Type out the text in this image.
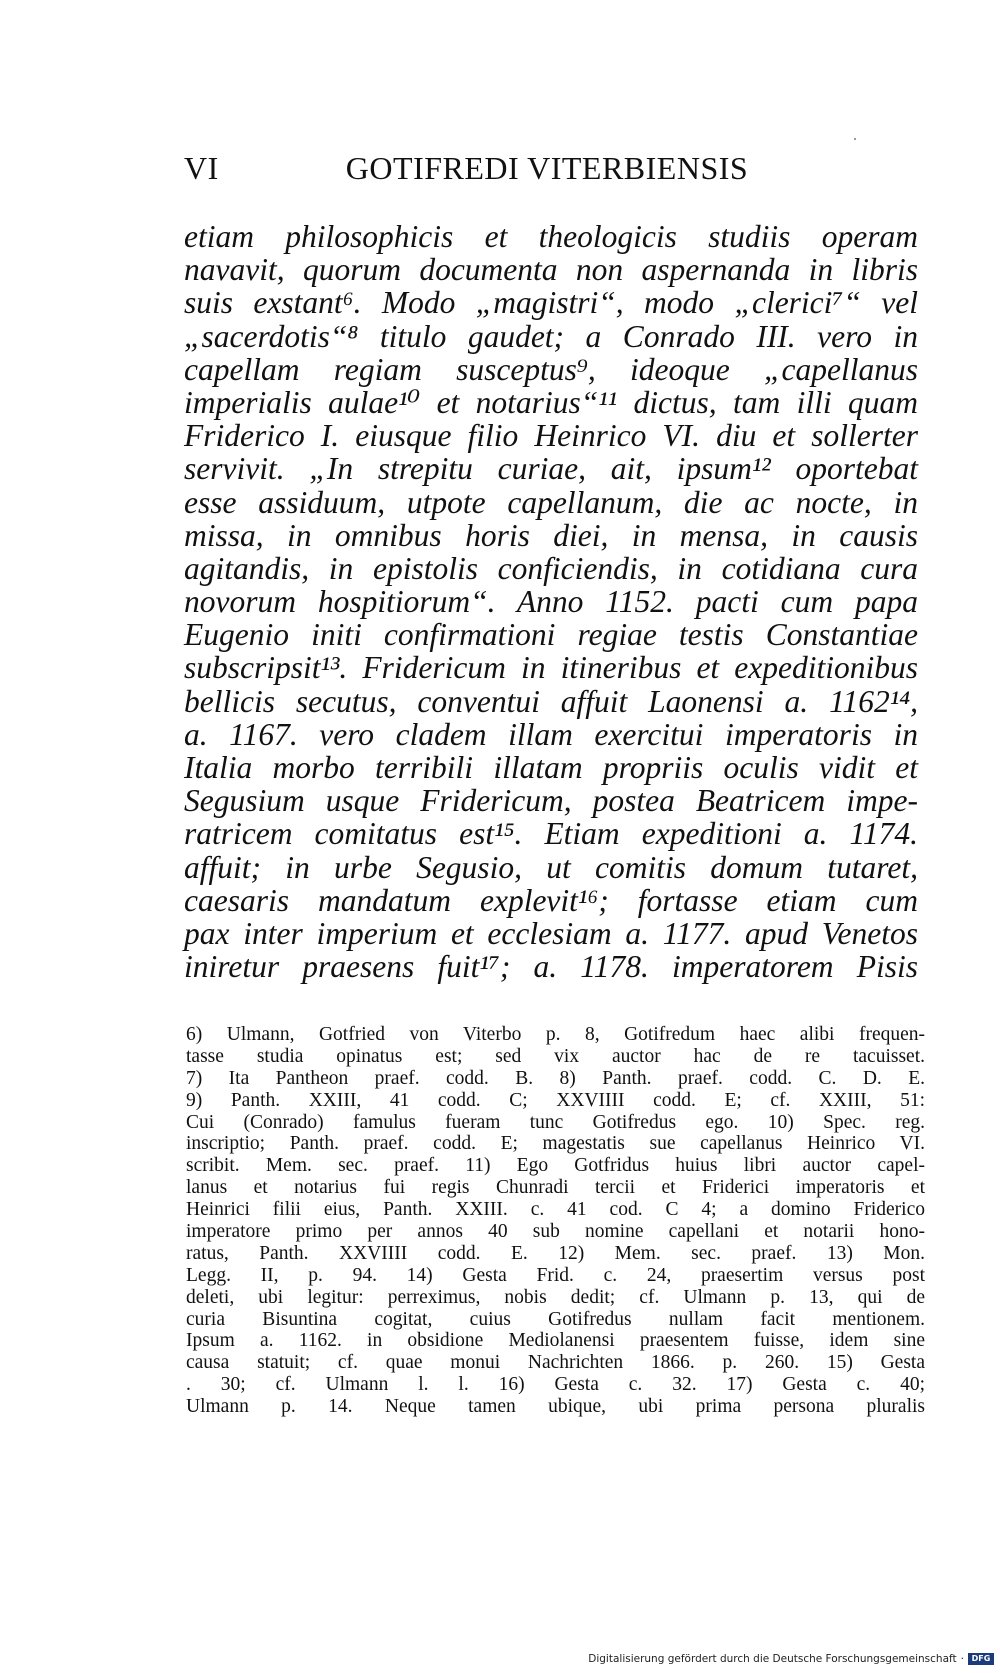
VI	GOTIFREDI VITERBIENSIS
etiam philosophicis et theologicis studiis operam
navavit, quorum documenta non aspernanda in libris
suis exstant⁶. Modo „magistri“, modo „clerici⁷“ vel
„sacerdotis“⁸ titulo gaudet; a Conrado III. vero in
capellam regiam susceptus⁹, ideoque „capellanus
imperialis aulae¹⁰ et notarius“¹¹ dictus, tam illi quam
Friderico I. eiusque filio Heinrico VI. diu et sollerter
servivit. „In strepitu curiae, ait, ipsum¹² oportebat
esse assiduum, utpote capellanum, die ac nocte, in
missa, in omnibus horis diei, in mensa, in causis
agitandis, in epistolis conficiendis, in cotidiana cura
novorum hospitiorum“. Anno 1152. pacti cum papa
Eugenio initi confirmationi regiae testis Constantiae
subscripsit¹³. Fridericum in itineribus et expeditionibus
bellicis secutus, conventui affuit Laonensi a. 1162¹⁴,
a. 1167. vero cladem illam exercitui imperatoris in
Italia morbo terribili illatam propriis oculis vidit et
Segusium usque Fridericum, postea Beatricem impe-
ratricem comitatus est¹⁵. Etiam expeditioni a. 1174.
affuit; in urbe Segusio, ut comitis domum tutaret,
caesaris mandatum explevit¹⁶; fortasse etiam cum
pax inter imperium et ecclesiam a. 1177. apud Venetos
iniretur praesens fuit¹⁷; a. 1178. imperatorem Pisis
6) Ulmann, Gotfried von Viterbo p. 8, Gotifredum haec alibi frequen-
tasse studia opinatus est; sed vix auctor hac de re tacuisset.
7) Ita Pantheon praef. codd. B. 8) Panth. praef. codd. C. D. E.
9) Panth. XXIII, 41 codd. C; XXVIIII codd. E; cf. XXIII, 51:
Cui (Conrado) famulus fueram tunc Gotifredus ego. 10) Spec. reg.
inscriptio; Panth. praef. codd. E; magestatis sue capellanus Heinrico VI.
scribit. Mem. sec. praef. 11) Ego Gotfridus huius libri auctor capel-
lanus et notarius fui regis Chunradi tercii et Friderici imperatoris et
Heinrici filii eius, Panth. XXIII. c. 41 cod. C 4; a domino Friderico
imperatore primo per annos 40 sub nomine capellani et notarii hono-
ratus, Panth. XXVIIII codd. E. 12) Mem. sec. praef. 13) Mon.
Legg. II, p. 94. 14) Gesta Frid. c. 24, praesertim versus post
deleti, ubi legitur: perreximus, nobis dedit; cf. Ulmann p. 13, qui de
curia Bisuntina cogitat, cuius Gotifredus nullam facit mentionem.
Ipsum a. 1162. in obsidione Mediolanensi praesentem fuisse, idem sine
causa statuit; cf. quae monui Nachrichten 1866. p. 260. 15) Gesta
. 30; cf. Ulmann l. l. 16) Gesta c. 32. 17) Gesta c. 40;
Ulmann p. 14. Neque tamen ubique, ubi prima persona pluralis
Digitalisierung gefördert durch die Deutsche Forschungsgemeinschaft · DFG
